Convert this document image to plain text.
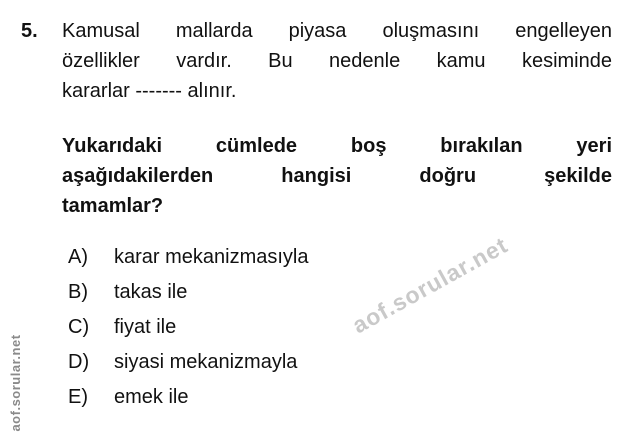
5. Kamusal mallarda piyasa oluşmasını engelleyen
özellikler vardır. Bu nedenle kamu kesiminde
kararlar ------- alınır.
Yukarıdaki cümlede boş bırakılan yeri
aşağıdakilerden hangisi doğru şekilde
tamamlar?
A)	karar mekanizmasıyla
B)	takas ile
C)	fiyat ile
D)	siyasi mekanizmayla
E)	emek ile
aof.sorular.net
aof.sorular.net
